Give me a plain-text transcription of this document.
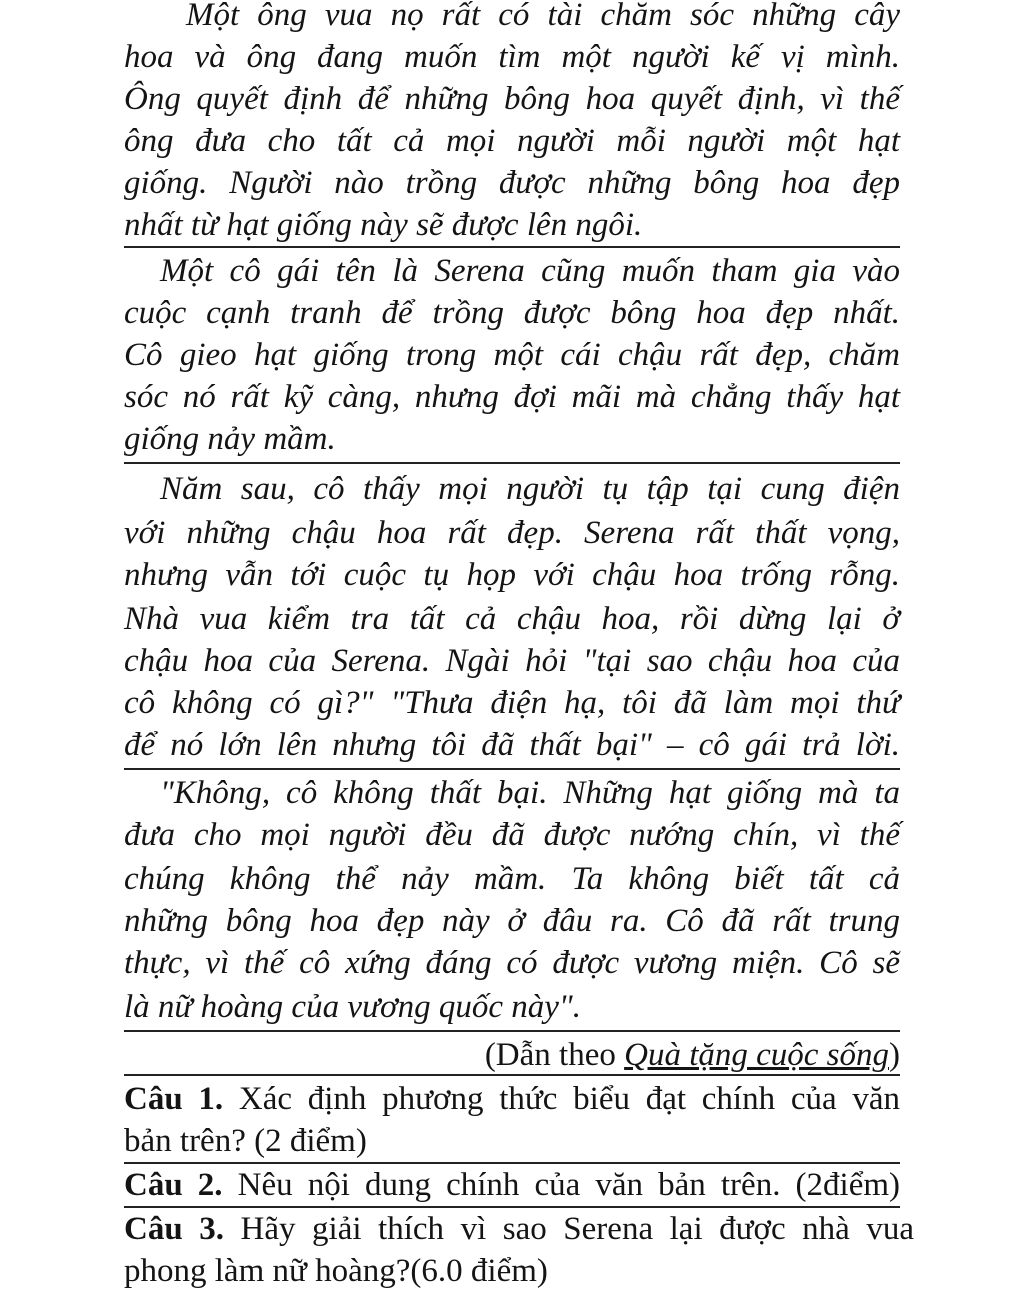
Một ông vua nọ rất có tài chăm sóc những cây
hoa và ông đang muốn tìm một người kế vị mình.
Ông quyết định để những bông hoa quyết định, vì thế
ông đưa cho tất cả mọi người mỗi người một hạt
giống. Người nào trồng được những bông hoa đẹp
nhất từ hạt giống này sẽ được lên ngôi.
Một cô gái tên là Serena cũng muốn tham gia vào
cuộc cạnh tranh để trồng được bông hoa đẹp nhất.
Cô gieo hạt giống trong một cái chậu rất đẹp, chăm
sóc nó rất kỹ càng, nhưng đợi mãi mà chẳng thấy hạt
giống nảy mầm.
Năm sau, cô thấy mọi người tụ tập tại cung điện
với những chậu hoa rất đẹp. Serena rất thất vọng,
nhưng vẫn tới cuộc tụ họp với chậu hoa trống rỗng.
Nhà vua kiểm tra tất cả chậu hoa, rồi dừng lại ở
chậu hoa của Serena. Ngài hỏi "tại sao chậu hoa của
cô không có gì?" "Thưa điện hạ, tôi đã làm mọi thứ
để nó lớn lên nhưng tôi đã thất bại" – cô gái trả lời.
"Không, cô không thất bại. Những hạt giống mà ta
đưa cho mọi người đều đã được nướng chín, vì thế
chúng không thể nảy mầm. Ta không biết tất cả
những bông hoa đẹp này ở đâu ra. Cô đã rất trung
thực, vì thế cô xứng đáng có được vương miện. Cô sẽ
là nữ hoàng của vương quốc này".
(Dẫn theo Quà tặng cuộc sống)
Câu 1. Xác định phương thức biểu đạt chính của văn
bản trên? (2 điểm)
Câu 2. Nêu nội dung chính của văn bản trên. (2điểm)
Câu 3. Hãy giải thích vì sao Serena lại được nhà vua
phong làm nữ hoàng?(6.0 điểm)
